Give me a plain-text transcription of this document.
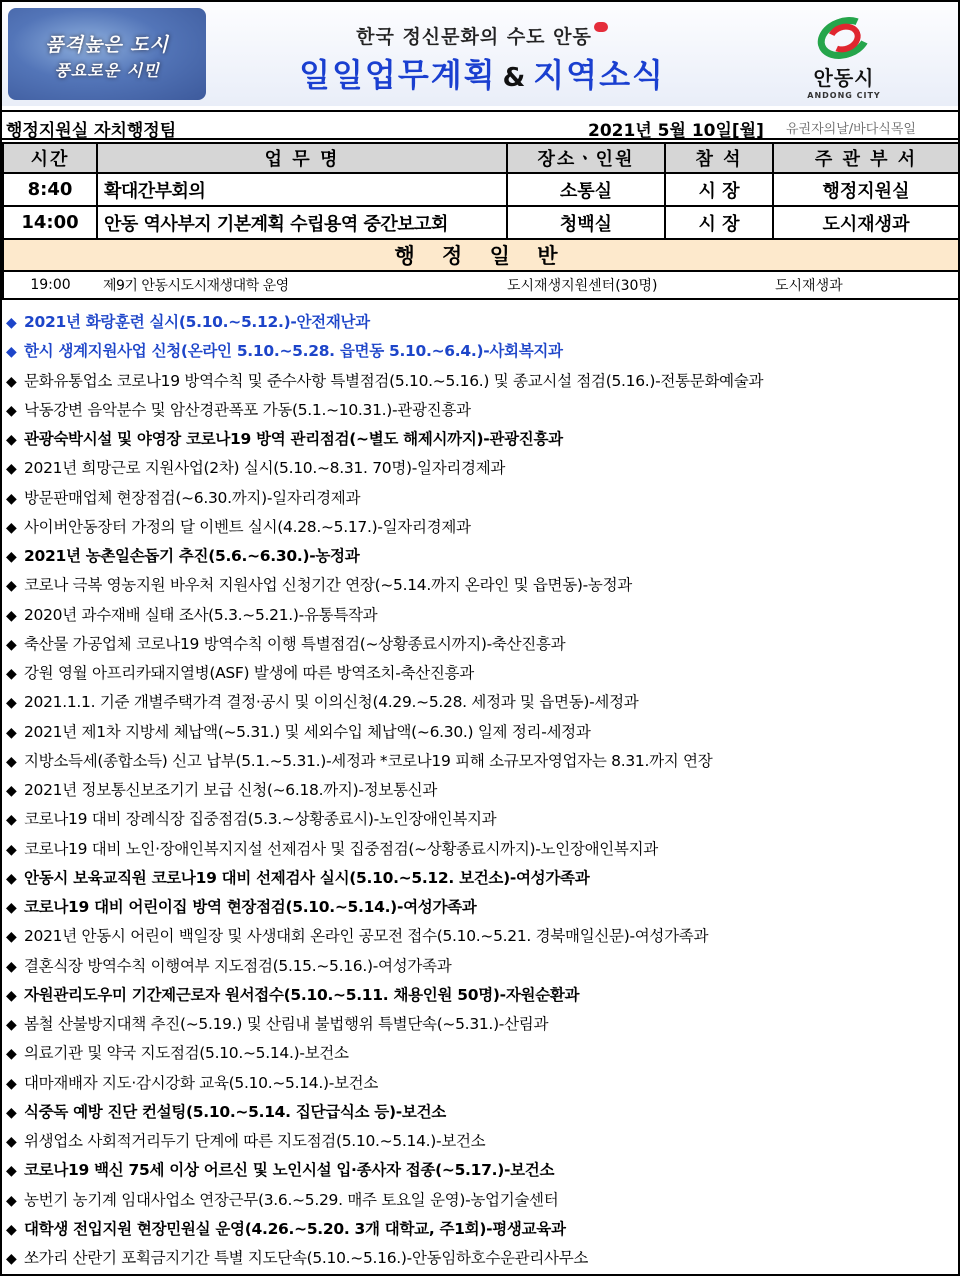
품격높은 도시
풍요로운 시민
한국 정신문화의 수도 안동
일일업무계획 & 지역소식	안동시
ANDONG CITY
행정지원실 자치행정팀	2021년 5월 10일[월] 유권자의날/바다식목일
시간	업 무 명	장소ㆍ인원	참 석	주 관 부 서
8:40	확대간부회의	소통실	시 장	행정지원실
14:00	안동 역사부지 기본계획 수립용역 중간보고회	청백실	시 장	도시재생과
행 정 일 반				
19:00	제9기 안동시도시재생대학 운영	도시재생지원센터(30명)		도시재생과
◆ 2021년 화랑훈련 실시(5.10.~5.12.)-안전재난과
◆ 한시 생계지원사업 신청(온라인 5.10.~5.28. 읍면동 5.10.~6.4.)-사회복지과
◆ 문화유통업소 코로나19 방역수칙 및 준수사항 특별점검(5.10.~5.16.) 및 종교시설 점검(5.16.)-전통문화예술과
◆ 낙동강변 음악분수 및 암산경관폭포 가동(5.1.~10.31.)-관광진흥과
◆ 관광숙박시설 및 야영장 코로나19 방역 관리점검(~별도 해제시까지)-관광진흥과
◆ 2021년 희망근로 지원사업(2차) 실시(5.10.~8.31. 70명)-일자리경제과
◆ 방문판매업체 현장점검(~6.30.까지)-일자리경제과
◆ 사이버안동장터 가정의 달 이벤트 실시(4.28.~5.17.)-일자리경제과
◆ 2021년 농촌일손돕기 추진(5.6.~6.30.)-농정과
◆ 코로나 극복 영농지원 바우처 지원사업 신청기간 연장(~5.14.까지 온라인 및 읍면동)-농정과
◆ 2020년 과수재배 실태 조사(5.3.~5.21.)-유통특작과
◆ 축산물 가공업체 코로나19 방역수칙 이행 특별점검(~상황종료시까지)-축산진흥과
◆ 강원 영월 아프리카돼지열병(ASF) 발생에 따른 방역조치-축산진흥과
◆ 2021.1.1. 기준 개별주택가격 결정·공시 및 이의신청(4.29.~5.28. 세정과 및 읍면동)-세정과
◆ 2021년 제1차 지방세 체납액(~5.31.) 및 세외수입 체납액(~6.30.) 일제 정리-세정과
◆ 지방소득세(종합소득) 신고 납부(5.1.~5.31.)-세정과 *코로나19 피해 소규모자영업자는 8.31.까지 연장
◆ 2021년 정보통신보조기기 보급 신청(~6.18.까지)-정보통신과
◆ 코로나19 대비 장례식장 집중점검(5.3.~상황종료시)-노인장애인복지과
◆ 코로나19 대비 노인·장애인복지지설 선제검사 및 집중점검(~상황종료시까지)-노인장애인복지과
◆ 안동시 보육교직원 코로나19 대비 선제검사 실시(5.10.~5.12. 보건소)-여성가족과
◆ 코로나19 대비 어린이집 방역 현장점검(5.10.~5.14.)-여성가족과
◆ 2021년 안동시 어린이 백일장 및 사생대회 온라인 공모전 접수(5.10.~5.21. 경북매일신문)-여성가족과
◆ 결혼식장 방역수칙 이행여부 지도점검(5.15.~5.16.)-여성가족과
◆ 자원관리도우미 기간제근로자 원서접수(5.10.~5.11. 채용인원 50명)-자원순환과
◆ 봄철 산불방지대책 추진(~5.19.) 및 산림내 불법행위 특별단속(~5.31.)-산림과
◆ 의료기관 및 약국 지도점검(5.10.~5.14.)-보건소
◆ 대마재배자 지도·감시강화 교육(5.10.~5.14.)-보건소
◆ 식중독 예방 진단 컨설팅(5.10.~5.14. 집단급식소 등)-보건소
◆ 위생업소 사회적거리두기 단계에 따른 지도점검(5.10.~5.14.)-보건소
◆ 코로나19 백신 75세 이상 어르신 및 노인시설 입·종사자 접종(~5.17.)-보건소
◆ 농번기 농기계 임대사업소 연장근무(3.6.~5.29. 매주 토요일 운영)-농업기술센터
◆ 대학생 전입지원 현장민원실 운영(4.26.~5.20. 3개 대학교, 주1회)-평생교육과
◆ 쏘가리 산란기 포획금지기간 특별 지도단속(5.10.~5.16.)-안동임하호수운관리사무소
